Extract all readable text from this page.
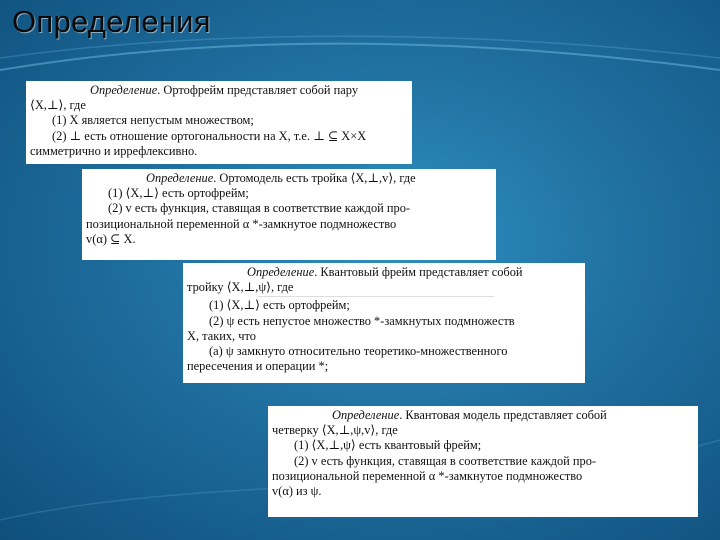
Определения
Определение. Ортофрейм представляет собой пару
⟨X,⊥⟩, где
(1) X является непустым множеством;
(2) ⊥ есть отношение ортогональности на X, т.е. ⊥ ⊆ X×X
симметрично и иррефлексивно.
Определение. Ортомодель есть тройка ⟨X,⊥,v⟩, где
(1) ⟨X,⊥⟩ есть ортофрейм;
(2) v есть функция, ставящая в соответствие каждой про-
позициональной переменной α *-замкнутое подмножество
v(α) ⊆ X.
Определение. Квантовый фрейм представляет собой
тройку ⟨X,⊥,ψ⟩, где
(1) ⟨X,⊥⟩ есть ортофрейм;
(2) ψ есть непустое множество *-замкнутых подмножеств
X, таких, что
(a) ψ замкнуто относительно теоретико-множественного
пересечения и операции *;
Определение. Квантовая модель представляет собой
четверку ⟨X,⊥,ψ,v⟩, где
(1) ⟨X,⊥,ψ⟩ есть квантовый фрейм;
(2) v есть функция, ставящая в соответствие каждой про-
позициональной переменной α *-замкнутое подмножество
v(α) из ψ.
